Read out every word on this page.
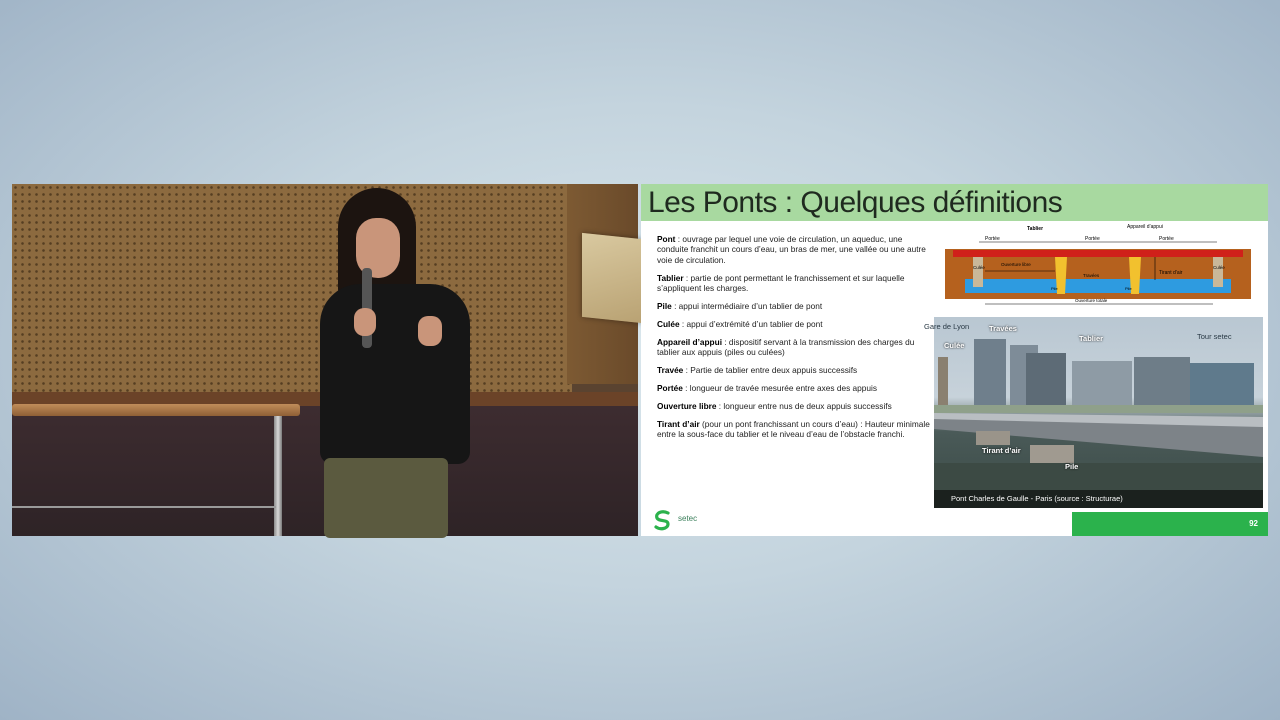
Les Ponts : Quelques définitions
Pont : ouvrage par lequel une voie de circulation, un aqueduc, une conduite franchit un cours d’eau, un bras de mer, une vallée ou une autre voie de circulation.
Tablier : partie de pont permettant le franchissement et sur laquelle s’appliquent les charges.
Pile : appui intermédiaire d’un tablier de pont
Culée : appui d’extrémité d’un tablier de pont
Appareil d’appui : dispositif servant à la transmission des charges du tablier aux appuis (piles ou culées)
Travée : Partie de tablier entre deux appuis successifs
Portée : longueur de travée mesurée entre axes des appuis
Ouverture libre : longueur entre nus de deux appuis successifs
Tirant d’air (pour un pont franchissant un cours d’eau) : Hauteur minimale entre la sous-face du tablier et le niveau d’eau de l’obstacle franchi.
Tablier	Appareil d’appui
Portée	Portée	Portée
Culée	Culée
Ouverture libre
Travées	Tirant d’air
Pile	Pile
Ouverture totale
Gare de Lyon
Culée
Travées
Tablier	Tour setec
Tirant d’air
Pile
Pont Charles de Gaulle - Paris (source : Structurae)
setec
92
